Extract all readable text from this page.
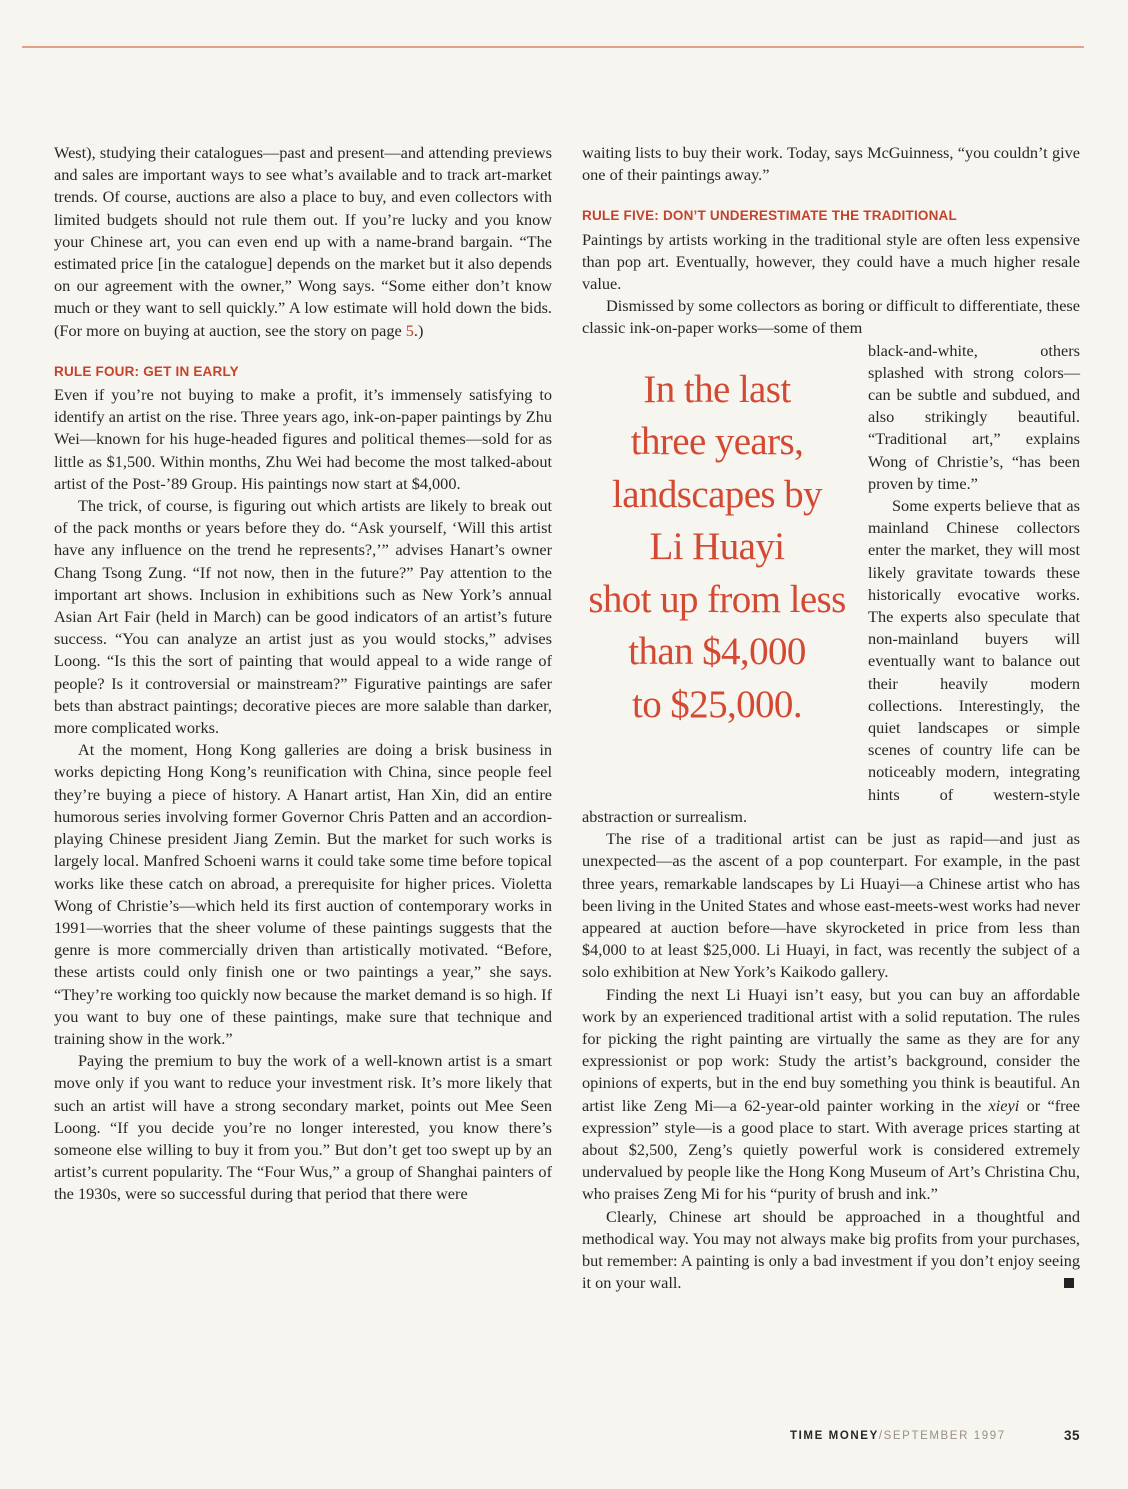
West), studying their catalogues—past and present—and attending previews and sales are important ways to see what’s available and to track art-market trends. Of course, auctions are also a place to buy, and even collectors with limited budgets should not rule them out. If you’re lucky and you know your Chinese art, you can even end up with a name-brand bargain. “The estimated price [in the catalogue] depends on the market but it also depends on our agreement with the owner,” Wong says. “Some either don’t know much or they want to sell quickly.” A low estimate will hold down the bids. (For more on buying at auction, see the story on page 5.)

RULE FOUR: GET IN EARLY

Even if you’re not buying to make a profit, it’s immensely satisfying to identify an artist on the rise. Three years ago, ink-on-paper paintings by Zhu Wei—known for his huge-headed figures and political themes—sold for as little as $1,500. Within months, Zhu Wei had become the most talked-about artist of the Post-’89 Group. His paintings now start at $4,000.

The trick, of course, is figuring out which artists are likely to break out of the pack months or years before they do. “Ask yourself, ‘Will this artist have any influence on the trend he represents?,’” advises Hanart’s owner Chang Tsong Zung. “If not now, then in the future?” Pay attention to the important art shows. Inclusion in exhibitions such as New York’s annual Asian Art Fair (held in March) can be good indicators of an artist’s future success. “You can analyze an artist just as you would stocks,” advises Loong. “Is this the sort of painting that would appeal to a wide range of people? Is it controversial or mainstream?” Figurative paintings are safer bets than abstract paintings; decorative pieces are more salable than darker, more complicated works.

At the moment, Hong Kong galleries are doing a brisk business in works depicting Hong Kong’s reunification with China, since people feel they’re buying a piece of history. A Hanart artist, Han Xin, did an entire humorous series involving former Governor Chris Patten and an accordion-playing Chinese president Jiang Zemin. But the market for such works is largely local. Manfred Schoeni warns it could take some time before topical works like these catch on abroad, a prerequisite for higher prices. Violetta Wong of Christie’s—which held its first auction of contemporary works in 1991—worries that the sheer volume of these paintings suggests that the genre is more commercially driven than artistically motivated. “Before, these artists could only finish one or two paintings a year,” she says. “They’re working too quickly now because the market demand is so high. If you want to buy one of these paintings, make sure that technique and training show in the work.”

Paying the premium to buy the work of a well-known artist is a smart move only if you want to reduce your investment risk. It’s more likely that such an artist will have a strong secondary market, points out Mee Seen Loong. “If you decide you’re no longer interested, you know there’s someone else willing to buy it from you.” But don’t get too swept up by an artist’s current popularity. The “Four Wus,” a group of Shanghai painters of the 1930s, were so successful during that period that there were

waiting lists to buy their work. Today, says McGuinness, “you couldn’t give one of their paintings away.”

RULE FIVE: DON’T UNDERESTIMATE THE TRADITIONAL

Paintings by artists working in the traditional style are often less expensive than pop art. Eventually, however, they could have a much higher resale value.

Dismissed by some collectors as boring or difficult to differentiate, these classic ink-on-paper works—some of them

In the last
three years,
landscapes by
Li Huayi
shot up from less
than $4,000
to $25,000.

black-and-white, others splashed with strong colors—can be subtle and subdued, and also strikingly beautiful. “Traditional art,” explains Wong of Christie’s, “has been proven by time.”

Some experts believe that as mainland Chinese collectors enter the market, they will most likely gravitate towards these historically evocative works. The experts also speculate that non-mainland buyers will eventually want to balance out their heavily modern collections. Interestingly, the quiet landscapes or simple scenes of country life can be noticeably modern, integrating hints of western-style abstraction or surrealism.

The rise of a traditional artist can be just as rapid—and just as unexpected—as the ascent of a pop counterpart. For example, in the past three years, remarkable landscapes by Li Huayi—a Chinese artist who has been living in the United States and whose east-meets-west works had never appeared at auction before—have skyrocketed in price from less than $4,000 to at least $25,000. Li Huayi, in fact, was recently the subject of a solo exhibition at New York’s Kaikodo gallery.

Finding the next Li Huayi isn’t easy, but you can buy an affordable work by an experienced traditional artist with a solid reputation. The rules for picking the right painting are virtually the same as they are for any expressionist or pop work: Study the artist’s background, consider the opinions of experts, but in the end buy something you think is beautiful. An artist like Zeng Mi—a 62-year-old painter working in the xieyi or “free expression” style—is a good place to start. With average prices starting at about $2,500, Zeng’s quietly powerful work is considered extremely undervalued by people like the Hong Kong Museum of Art’s Christina Chu, who praises Zeng Mi for his “purity of brush and ink.”

Clearly, Chinese art should be approached in a thoughtful and methodical way. You may not always make big profits from your purchases, but remember: A painting is only a bad investment if you don’t enjoy seeing it on your wall.

TIME MONEY/SEPTEMBER 1997	35
